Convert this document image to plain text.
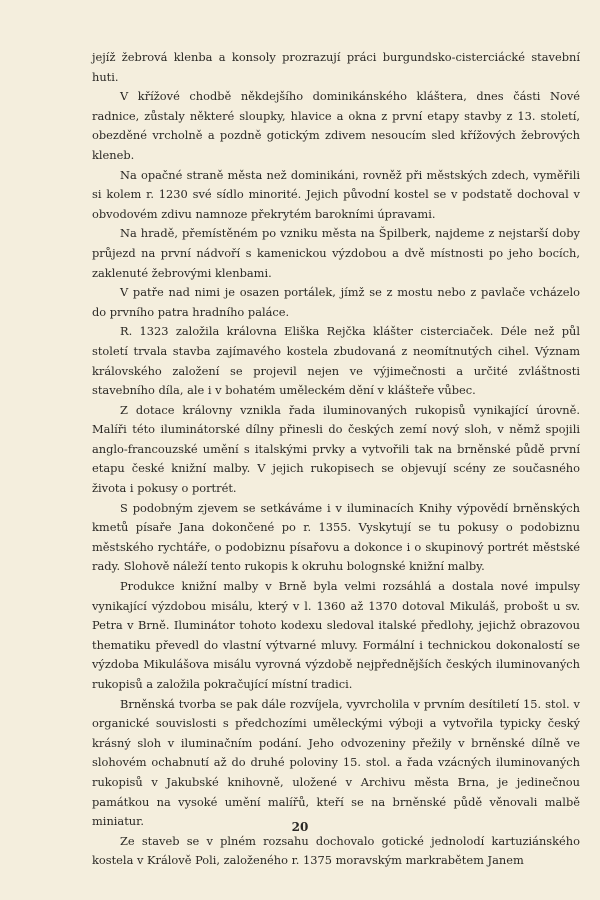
jejíž žebrová klenba a konsoly prozrazují práci burgundsko-cisterciácké stavební huti.

V křížové chodbě někdejšího dominikánského kláštera, dnes části Nové radnice, zůstaly některé sloupky, hlavice a okna z první etapy stavby z 13. století, obezděné vrcholně a pozdně gotickým zdivem nesoucím sled křížových žebrových kleneb.

Na opačné straně města než dominikáni, rovněž při městských zdech, vyměřili si kolem r. 1230 své sídlo minorité. Jejich původní kostel se v podstatě dochoval v obvodovém zdivu namnoze překrytém barokními úpravami.

Na hradě, přemístěném po vzniku města na Špilberk, najdeme z nejstarší doby průjezd na první nádvoří s kamenickou výzdobou a dvě místnosti po jeho bocích, zaklenuté žebrovými klenbami.

V patře nad nimi je osazen portálek, jímž se z mostu nebo z pavlače vcházelo do prvního patra hradního paláce.

R. 1323 založila královna Eliška Rejčka klášter cisterciaček. Déle než půl století trvala stavba zajímavého kostela zbudovaná z neomítnutých cihel. Význam královského založení se projevil nejen ve výjimečnosti a určité zvláštnosti stavebního díla, ale i v bohatém uměleckém dění v klášteře vůbec.

Z dotace královny vznikla řada iluminovaných rukopisů vynikající úrovně. Malíři této iluminátorské dílny přinesli do českých zemí nový sloh, v němž spojili anglo-francouzské umění s italskými prvky a vytvořili tak na brněnské půdě první etapu české knižní malby. V jejich rukopisech se objevují scény ze současného života i pokusy o portrét.

S podobným zjevem se setkáváme i v iluminacích Knihy výpovědí brněnských kmetů písaře Jana dokončené po r. 1355. Vyskytují se tu pokusy o podobiznu městského rychtáře, o podobiznu písařovu a dokonce i o skupinový portrét městské rady. Slohově náleží tento rukopis k okruhu bolognské knižní malby.

Produkce knižní malby v Brně byla velmi rozsáhlá a dostala nové impulsy vynikající výzdobou misálu, který v l. 1360 až 1370 dotoval Mikuláš, probošt u sv. Petra v Brně. Iluminátor tohoto kodexu sledoval italské předlohy, jejichž obrazovou thematiku převedl do vlastní výtvarné mluvy. Formální i technickou dokonalostí se výzdoba Mikulášova misálu vyrovná výzdobě nejpřednějších českých iluminovaných rukopisů a založila pokračující místní tradici.

Brněnská tvorba se pak dále rozvíjela, vyvrcholila v prvním desítiletí 15. stol. v organické souvislosti s předchozími uměleckými výboji a vytvořila typicky český krásný sloh v iluminačním podání. Jeho odvozeniny přežily v brněnské dílně ve slohovém ochabnutí až do druhé poloviny 15. stol. a řada vzácných iluminovaných rukopisů v Jakubské knihovně, uložené v Archivu města Brna, je jedinečnou památkou na vysoké umění malířů, kteří se na brněnské půdě věnovali malbě miniatur.

Ze staveb se v plném rozsahu dochovalo gotické jednolodí kartuziánského kostela v Králově Poli, založeného r. 1375 moravským markrabětem Janem

20
